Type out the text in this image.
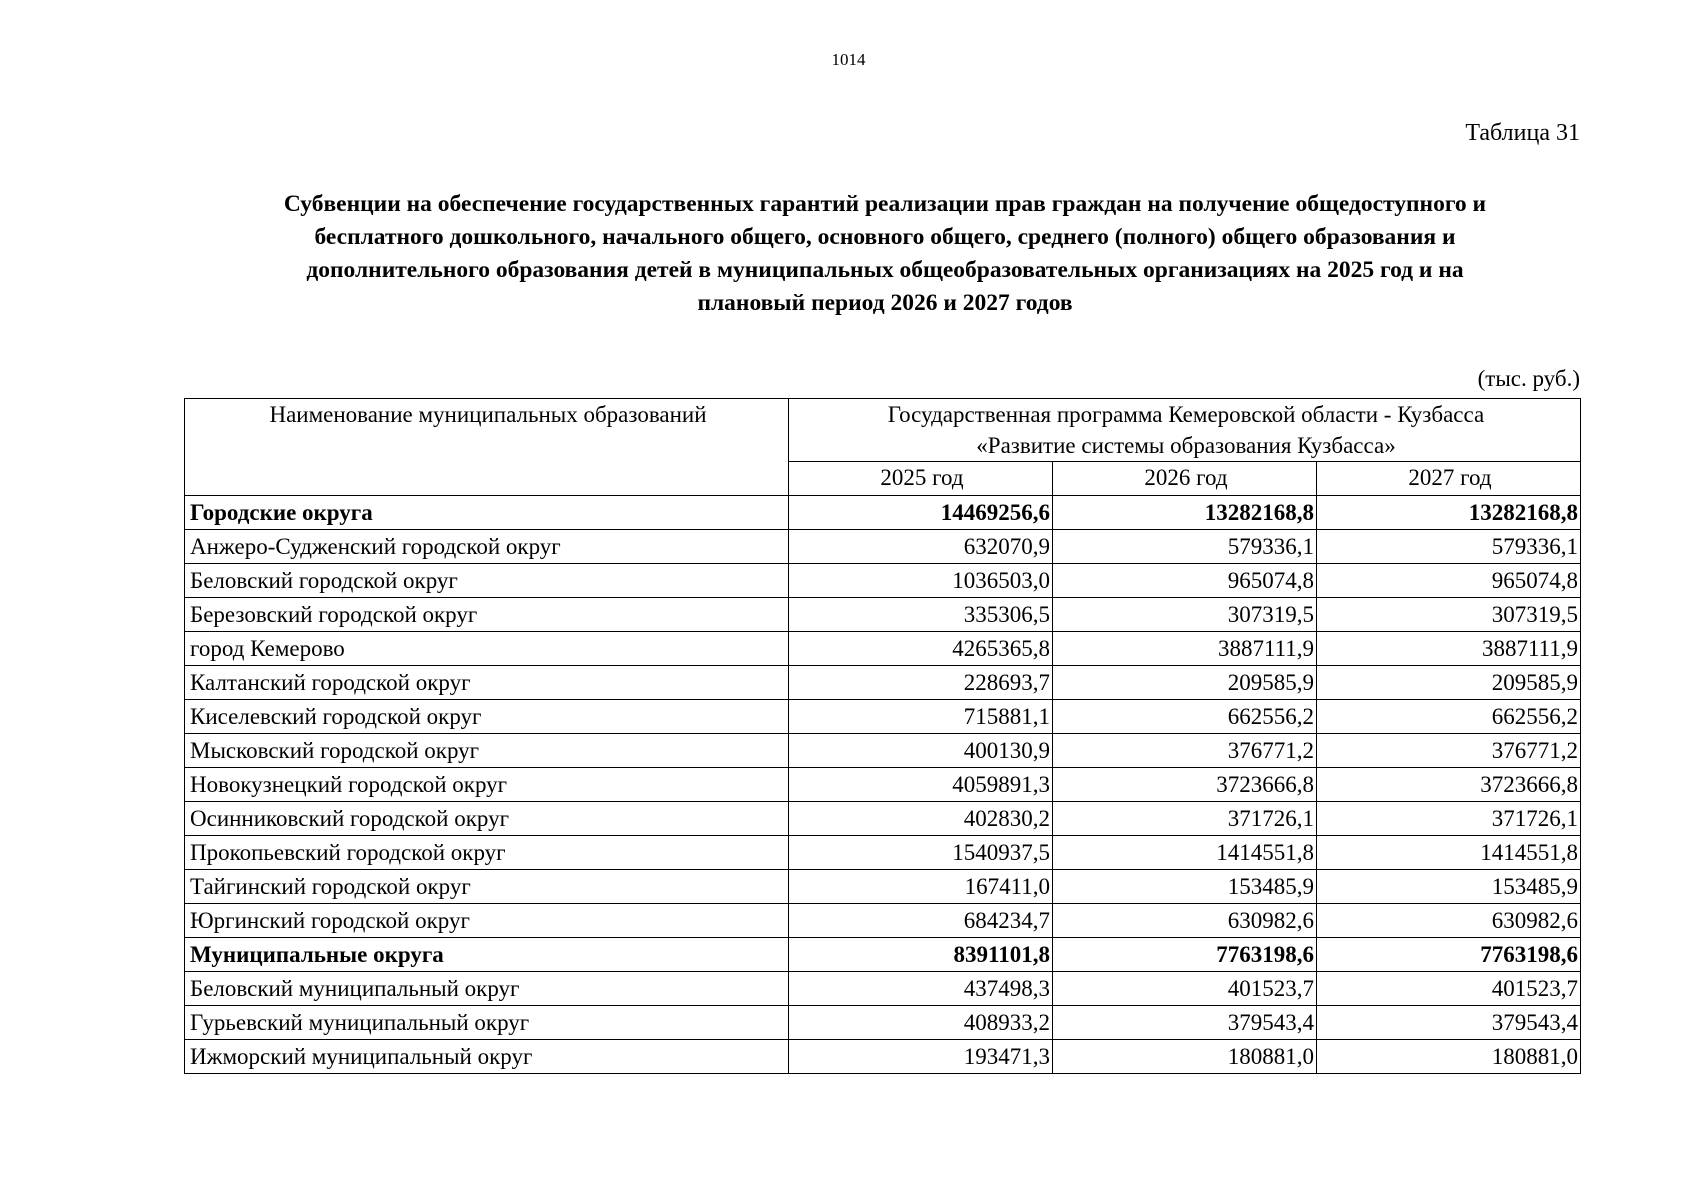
1014
Таблица 31
Субвенции на обеспечение государственных гарантий реализации прав граждан на получение общедоступного и
бесплатного дошкольного, начального общего, основного общего, среднего (полного) общего образования и
дополнительного образования детей в муниципальных общеобразовательных организациях на 2025 год и на
плановый период 2026 и 2027 годов
(тыс. руб.)
Наименование муниципальных образований	Государственная программа Кемеровской области - Кузбасса
«Развитие системы образования Кузбасса»		

	2025 год	2026 год	2027 год
Городские округа	14469256,6	13282168,8	13282168,8
Анжеро-Судженский городской округ	632070,9	579336,1	579336,1
Беловский городской округ	1036503,0	965074,8	965074,8
Березовский городской округ	335306,5	307319,5	307319,5
город Кемерово	4265365,8	3887111,9	3887111,9
Калтанский городской округ	228693,7	209585,9	209585,9
Киселевский городской округ	715881,1	662556,2	662556,2
Мысковский городской округ	400130,9	376771,2	376771,2
Новокузнецкий городской округ	4059891,3	3723666,8	3723666,8
Осинниковский городской округ	402830,2	371726,1	371726,1
Прокопьевский городской округ	1540937,5	1414551,8	1414551,8
Тайгинский городской округ	167411,0	153485,9	153485,9
Юргинский городской округ	684234,7	630982,6	630982,6
Муниципальные округа	8391101,8	7763198,6	7763198,6
Беловский муниципальный округ	437498,3	401523,7	401523,7
Гурьевский муниципальный округ	408933,2	379543,4	379543,4
Ижморский муниципальный округ	193471,3	180881,0	180881,0
